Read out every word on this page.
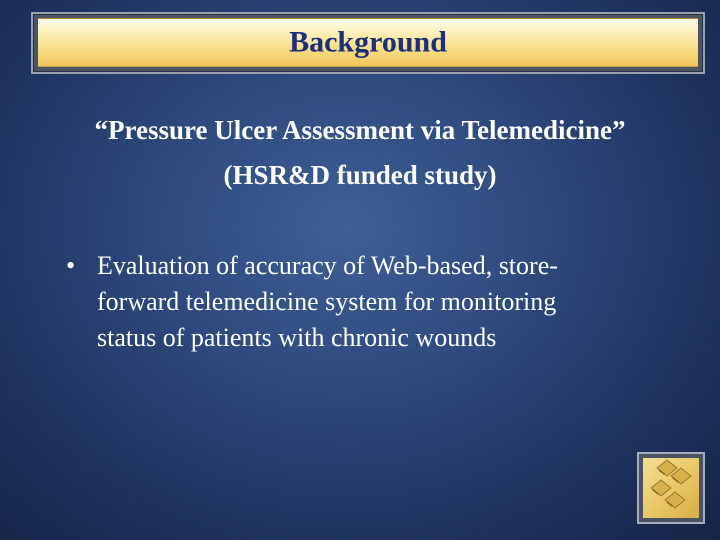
Background
“Pressure Ulcer Assessment via Telemedicine”
(HSR&D funded study)
• Evaluation of accuracy of Web-based, store-
forward telemedicine system for monitoring
status of patients with chronic wounds
